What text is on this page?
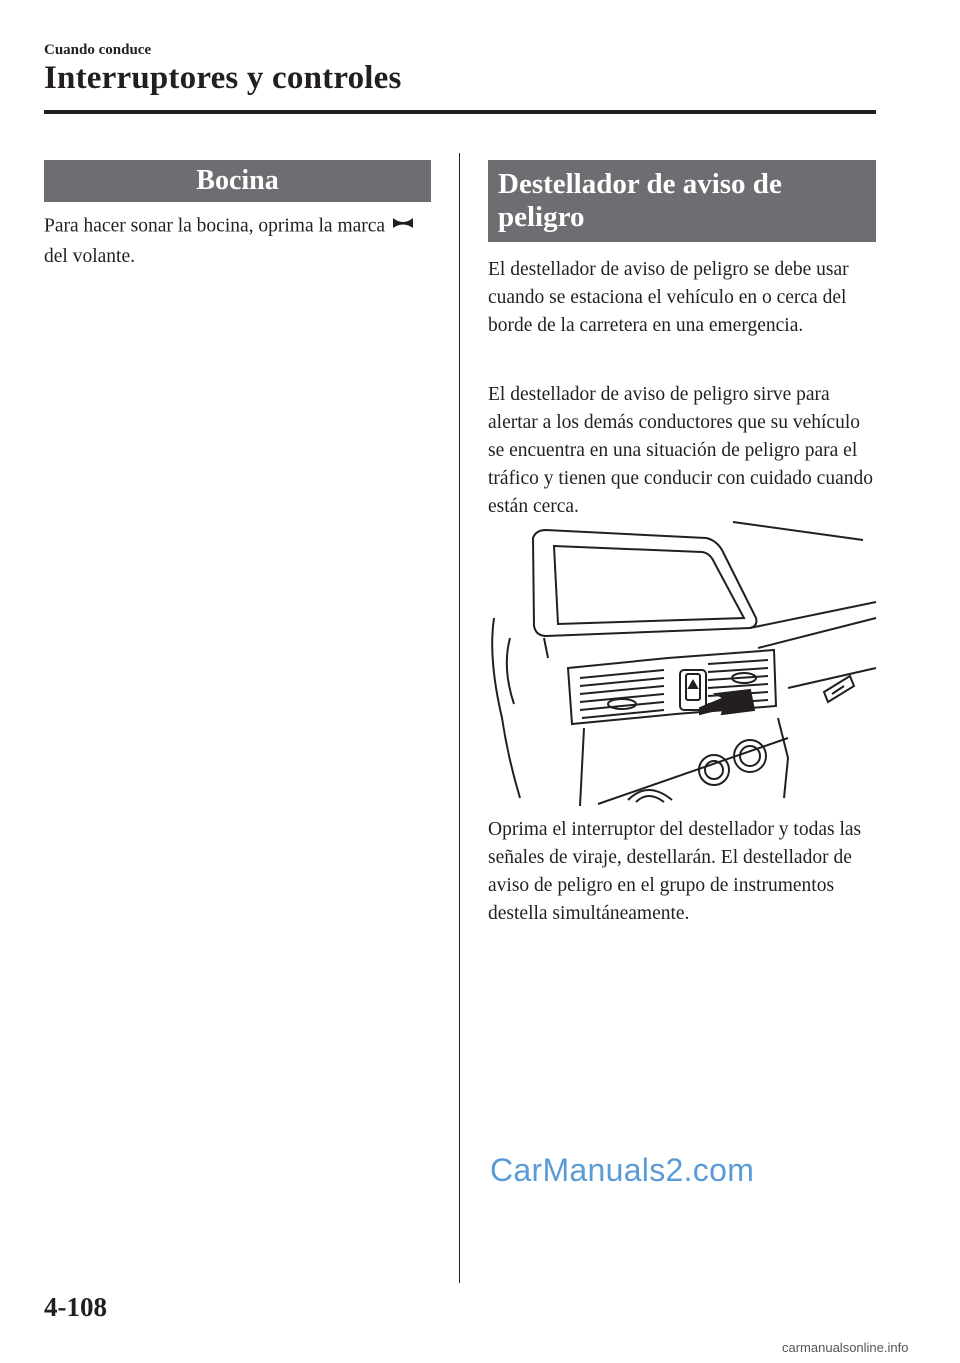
Cuando conduce
Interruptores y controles
Bocina
Para hacer sonar la bocina, oprima la marcadel volante.
Destellador de aviso de
peligro
El destellador de aviso de peligro se debe usar cuando se estaciona el vehículo en o cerca del borde de la carretera en una emergencia.
El destellador de aviso de peligro sirve para alertar a los demás conductores que su vehículo se encuentra en una situación de peligro para el tráfico y tienen que conducir con cuidado cuando están cerca.
Oprima el interruptor del destellador y todas las señales de viraje, destellarán. El destellador de aviso de peligro en el grupo de instrumentos destella simultáneamente.
CarManuals2.com
4-108
carmanualsonline.info
